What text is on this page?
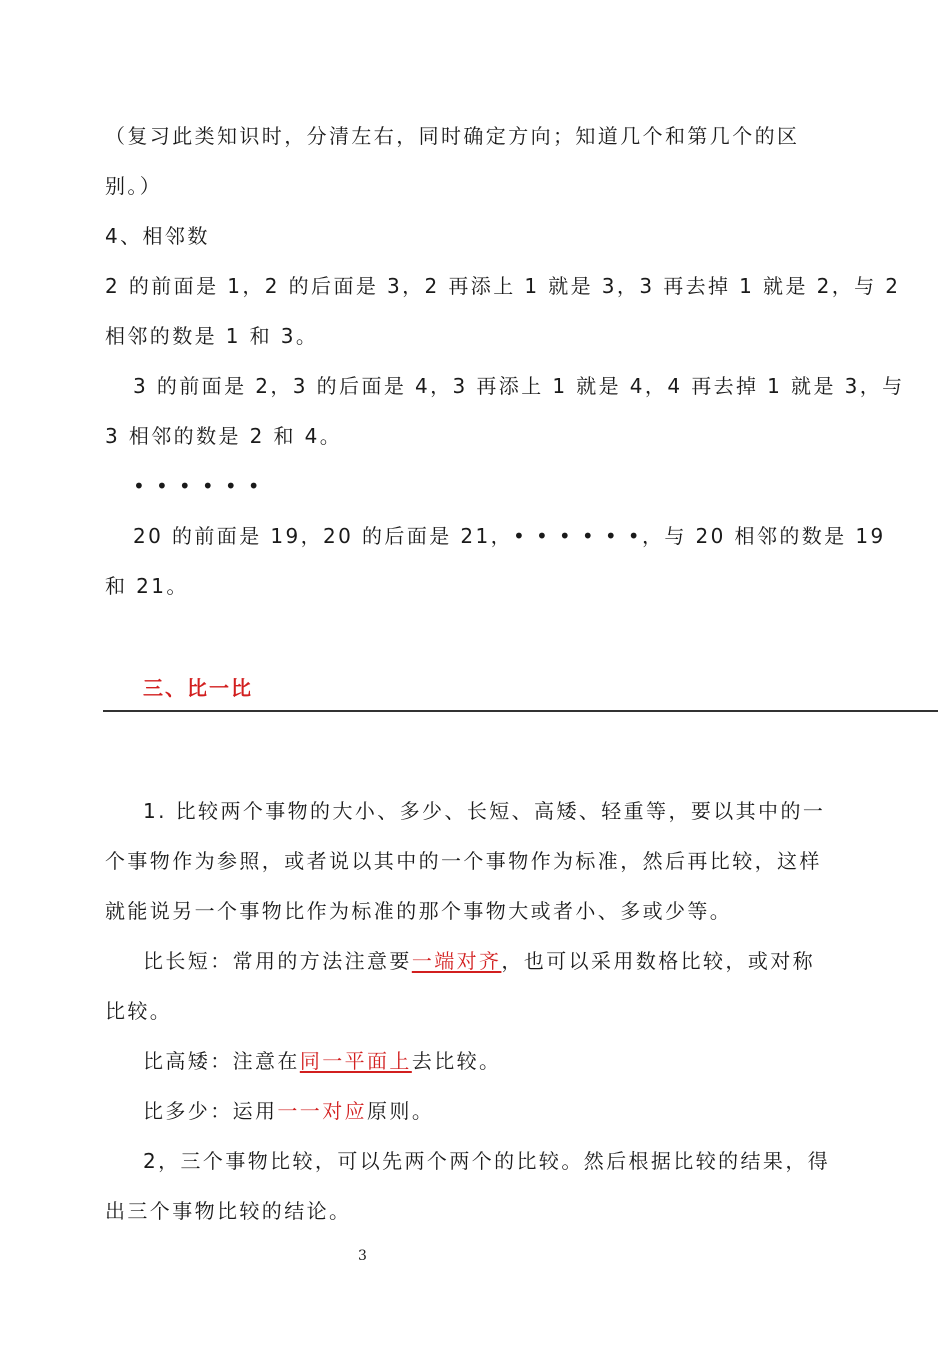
（复习此类知识时，分清左右，同时确定方向；知道几个和第几个的区
别。）
4、相邻数
2 的前面是 1，2 的后面是 3，2 再添上 1 就是 3，3 再去掉 1 就是 2，与 2
相邻的数是 1 和 3。
3 的前面是 2，3 的后面是 4，3 再添上 1 就是 4，4 再去掉 1 就是 3，与
3 相邻的数是 2 和 4。
• • • • • •
20 的前面是 19，20 的后面是 21，• • • • • •，与 20 相邻的数是 19
和 21。
三、比一比
1. 比较两个事物的大小、多少、长短、高矮、轻重等，要以其中的一
个事物作为参照，或者说以其中的一个事物作为标准，然后再比较，这样
就能说另一个事物比作为标准的那个事物大或者小、多或少等。
比长短：常用的方法注意要一端对齐，也可以采用数格比较，或对称
比较。
比高矮：注意在同一平面上去比较。
比多少：运用一一对应原则。
2，三个事物比较，可以先两个两个的比较。然后根据比较的结果，得
出三个事物比较的结论。
3
